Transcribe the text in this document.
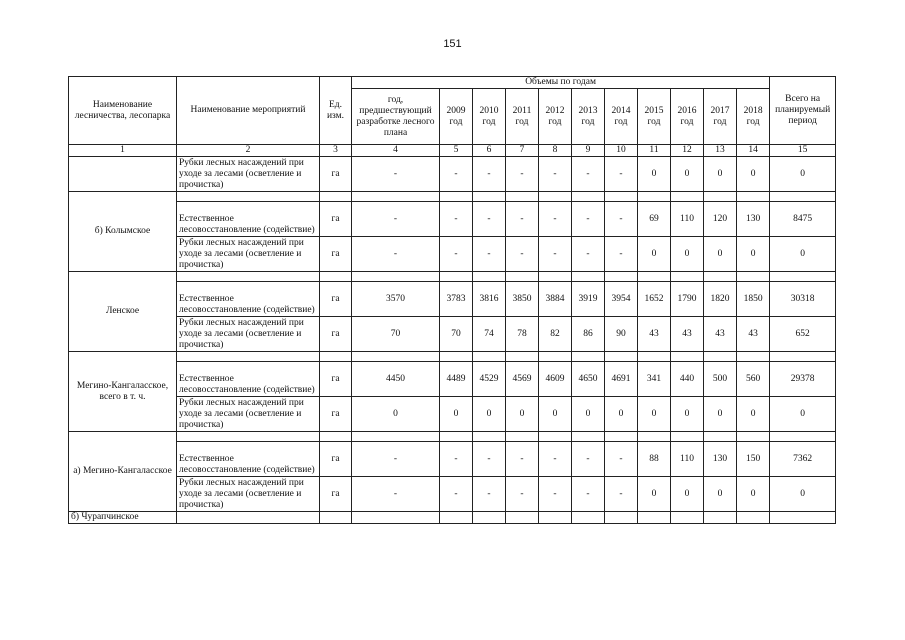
151
Наименование лесничества, лесопарка	Наименование мероприятий	Ед. изм.	Объемы по годам											Всего на планируемый период
			год, предшествующий разработке лесного плана	2009 год	2010 год	2011 год	2012 год	2013 год	2014 год	2015 год	2016 год	2017 год	2018 год	
1	2	3	4	5	6	7	8	9	10	11	12	13	14	15
	Рубки лесных насаждений при уходе за лесами (осветление и прочистка)	га	-	-	-	-	-	-	-	0	0	0	0	0
б) Колымское														
	Естественное лесовосстановление (содействие)	га	-	-	-	-	-	-	-	69	110	120	130	8475
	Рубки лесных насаждений при уходе за лесами (осветление и прочистка)	га	-	-	-	-	-	-	-	0	0	0	0	0
Ленское														
	Естественное лесовосстановление (содействие)	га	3570	3783	3816	3850	3884	3919	3954	1652	1790	1820	1850	30318
	Рубки лесных насаждений при уходе за лесами (осветление и прочистка)	га	70	70	74	78	82	86	90	43	43	43	43	652
Мегино-Кангаласское, всего в т. ч.														
	Естественное лесовосстановление (содействие)	га	4450	4489	4529	4569	4609	4650	4691	341	440	500	560	29378
	Рубки лесных насаждений при уходе за лесами (осветление и прочистка)	га	0	0	0	0	0	0	0	0	0	0	0	0
а) Мегино-Кангаласское														
	Естественное лесовосстановление (содействие)	га	-	-	-	-	-	-	-	88	110	130	150	7362
	Рубки лесных насаждений при уходе за лесами (осветление и прочистка)	га	-	-	-	-	-	-	-	0	0	0	0	0
б) Чурапчинское														
